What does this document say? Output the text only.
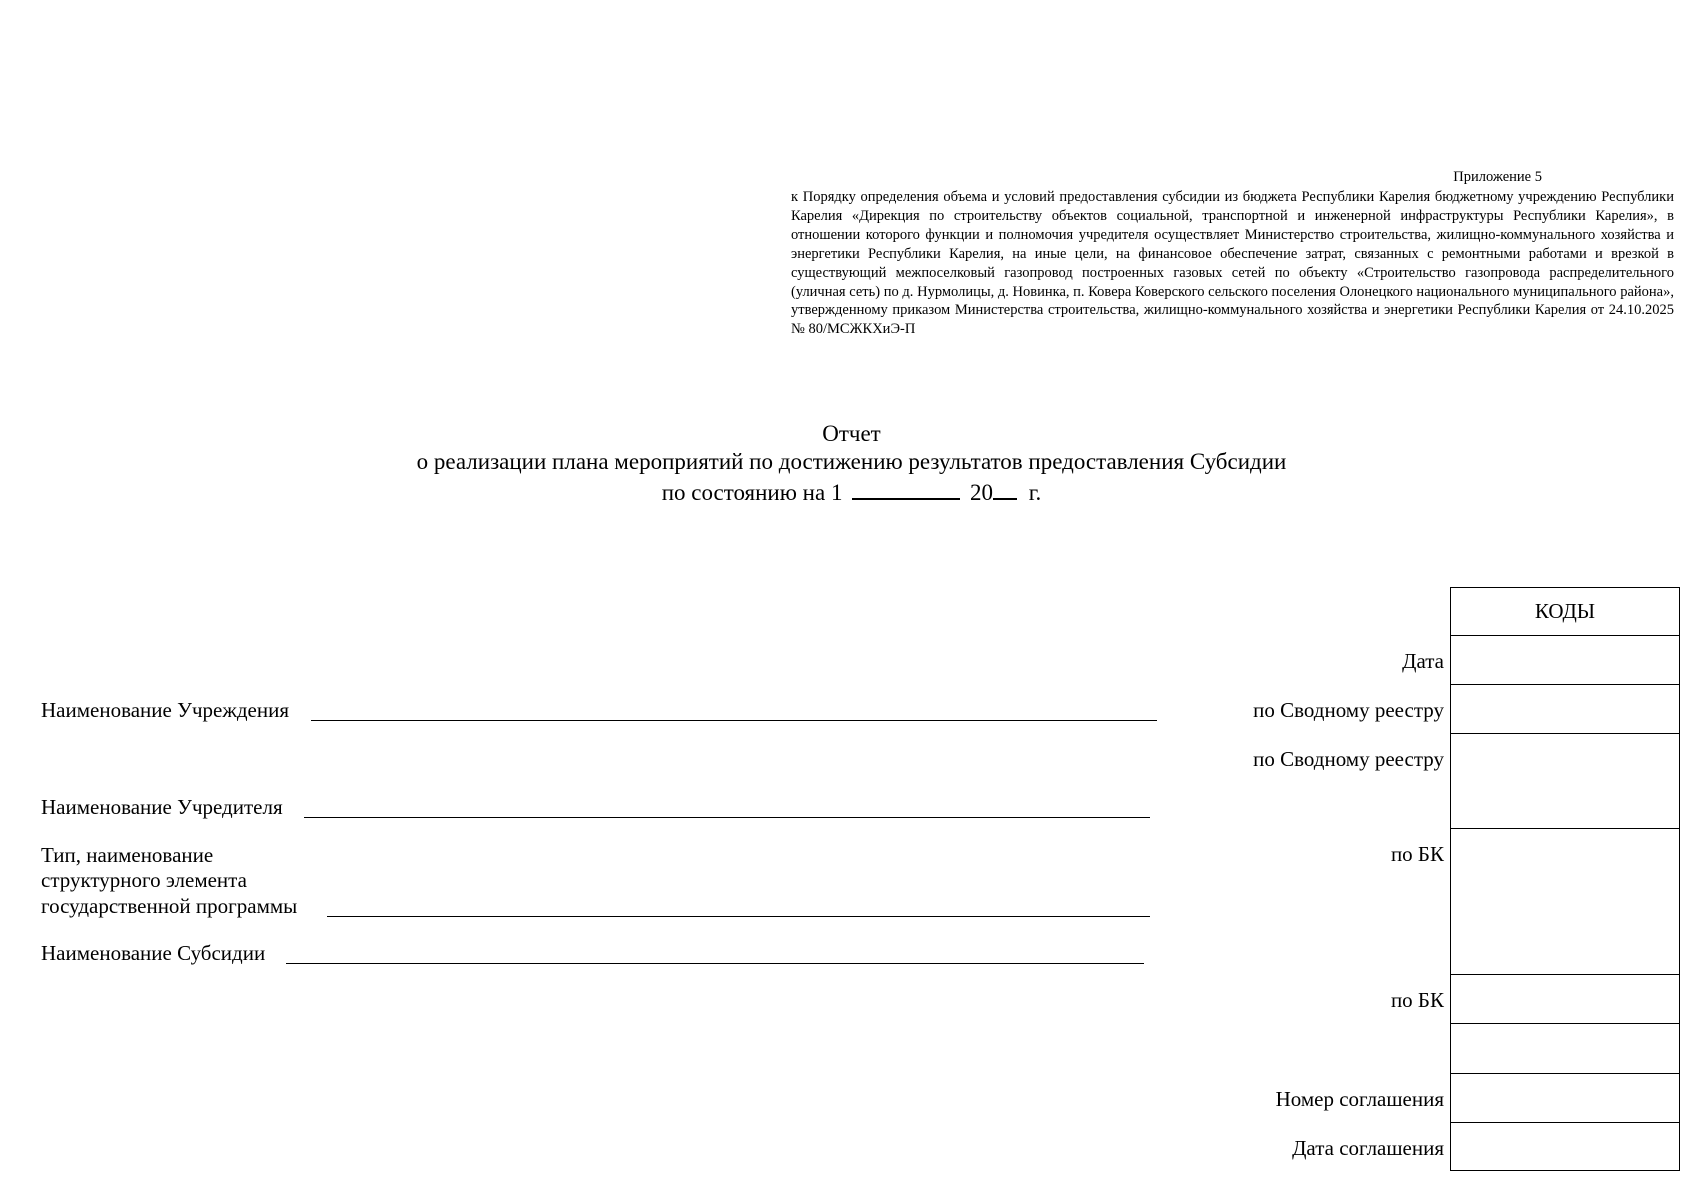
Приложение 5
к Порядку определения объема и условий предоставления субсидии из бюджета Республики Карелия бюджетному учреждению Республики Карелия «Дирекция по строительству объектов социальной, транспортной и инженерной инфраструктуры Республики Карелия», в отношении которого функции и полномочия учредителя осуществляет Министерство строительства, жилищно-коммунального хозяйства и энергетики Республики Карелия, на иные цели, на финансовое обеспечение затрат, связанных с ремонтными работами и врезкой в существующий межпоселковый газопровод построенных газовых сетей по объекту «Строительство газопровода распределительного (уличная сеть) по д. Нурмолицы, д. Новинка, п. Ковера Коверского сельского поселения Олонецкого национального муниципального района», утвержденному приказом Министерства строительства, жилищно-коммунального хозяйства и энергетики Республики Карелия от 24.10.2025 № 80/МСЖКХиЭ-П
Отчет
о реализации плана мероприятий по достижению результатов предоставления Субсидии
по состоянию на 1	20 г.
Наименование Учреждения
Наименование Учредителя
Тип, наименование
структурного элемента
государственной программы
Наименование Субсидии
Дата
по Сводному реестру
по Сводному реестру
по БК
по БК
Номер соглашения
Дата соглашения
КОДЫ
